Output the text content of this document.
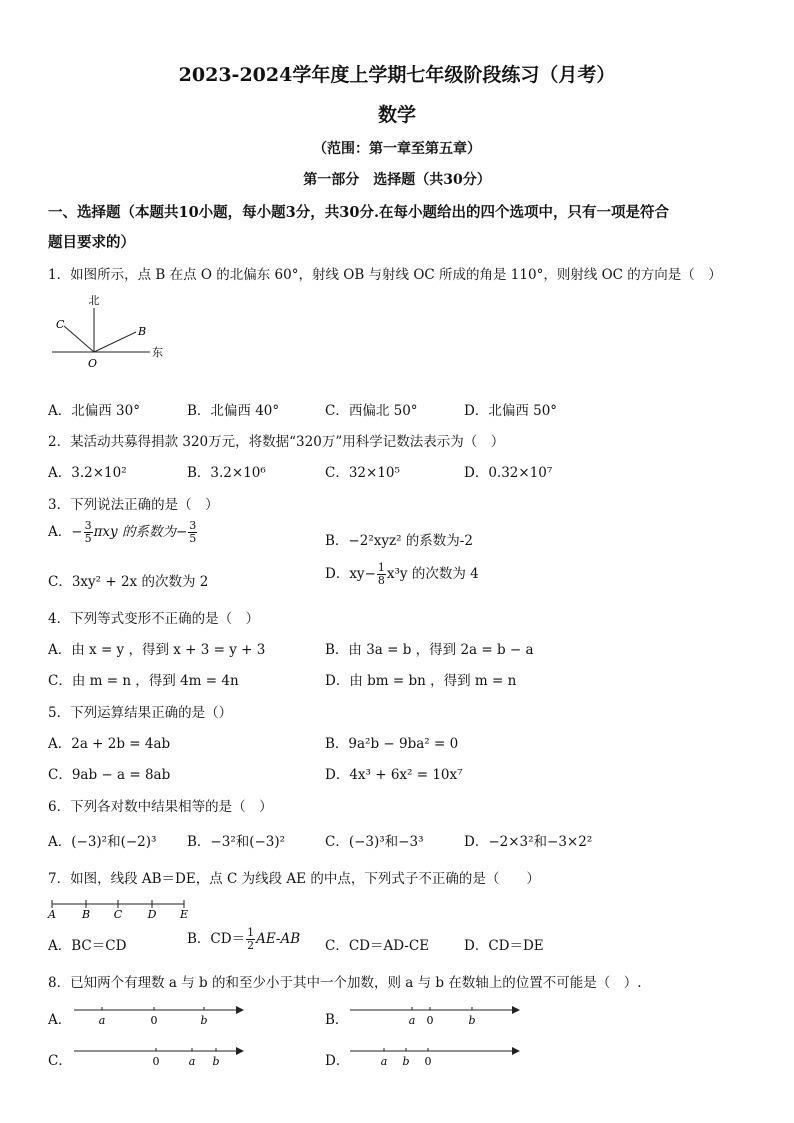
2023-2024学年度上学期七年级阶段练习（月考）
数学
（范围：第一章至第五章）
第一部分　选择题（共30分）
一、选择题（本题共10小题，每小题3分，共30分.在每小题给出的四个选项中，只有一项是符合
题目要求的）
1．如图所示，点 B 在点 O 的北偏东 60°，射线 OB 与射线 OC 所成的角是 110°，则射线 OC 的方向是（　）
北
东
C
B
O
A．北偏西 30°	B．北偏西 40°	C．西偏北 50°	D．北偏西 50°
2．某活动共募得捐款 320万元，将数据“320万”用科学记数法表示为（　）
A．3.2×10²	B．3.2×10⁶	C．32×10⁵	D．0.32×10⁷
3．下列说法正确的是（　）
A．− $\frac{3}{5}$ πxy 的系数为− $\frac{3}{5}$	B．−2²xyz² 的系数为-2
C．3xy² + 2x 的次数为 2	D．$xy- \frac{1}{8} x^3y$ 的次数为 4
4．下列等式变形不正确的是（　）
A．由 x = y ，得到 x + 3 = y + 3	B．由 3a = b ，得到 2a = b − a
C．由 m = n ，得到 4m = 4n	D．由 bm = bn ，得到 m = n
5．下列运算结果正确的是（）
A．2a + 2b = 4ab	B．9a²b − 9ba² = 0
C．9ab − a = 8ab	D．4x³ + 6x² = 10x⁷
6．下列各对数中结果相等的是（　）
A．(−3)²和(−2)³ B．−3²和(−3)²	C．(−3)³和−3³	D．−2×3²和−3×2²
7．如图，线段 AB＝DE，点 C 为线段 AE 的中点，下列式子不正确的是（　　）
A B C D E
A．BC＝CD	B．$CD= \frac{1}{2} AE-AB$ C．CD＝AD-CE	D．CD＝DE
8．已知两个有理数 a 与 b 的和至少小于其中一个加数，则 a 与 b 在数轴上的位置不可能是（　）.
A． a	0	b	B．	a 0	b
C．	0	a b	D．	a b 0
